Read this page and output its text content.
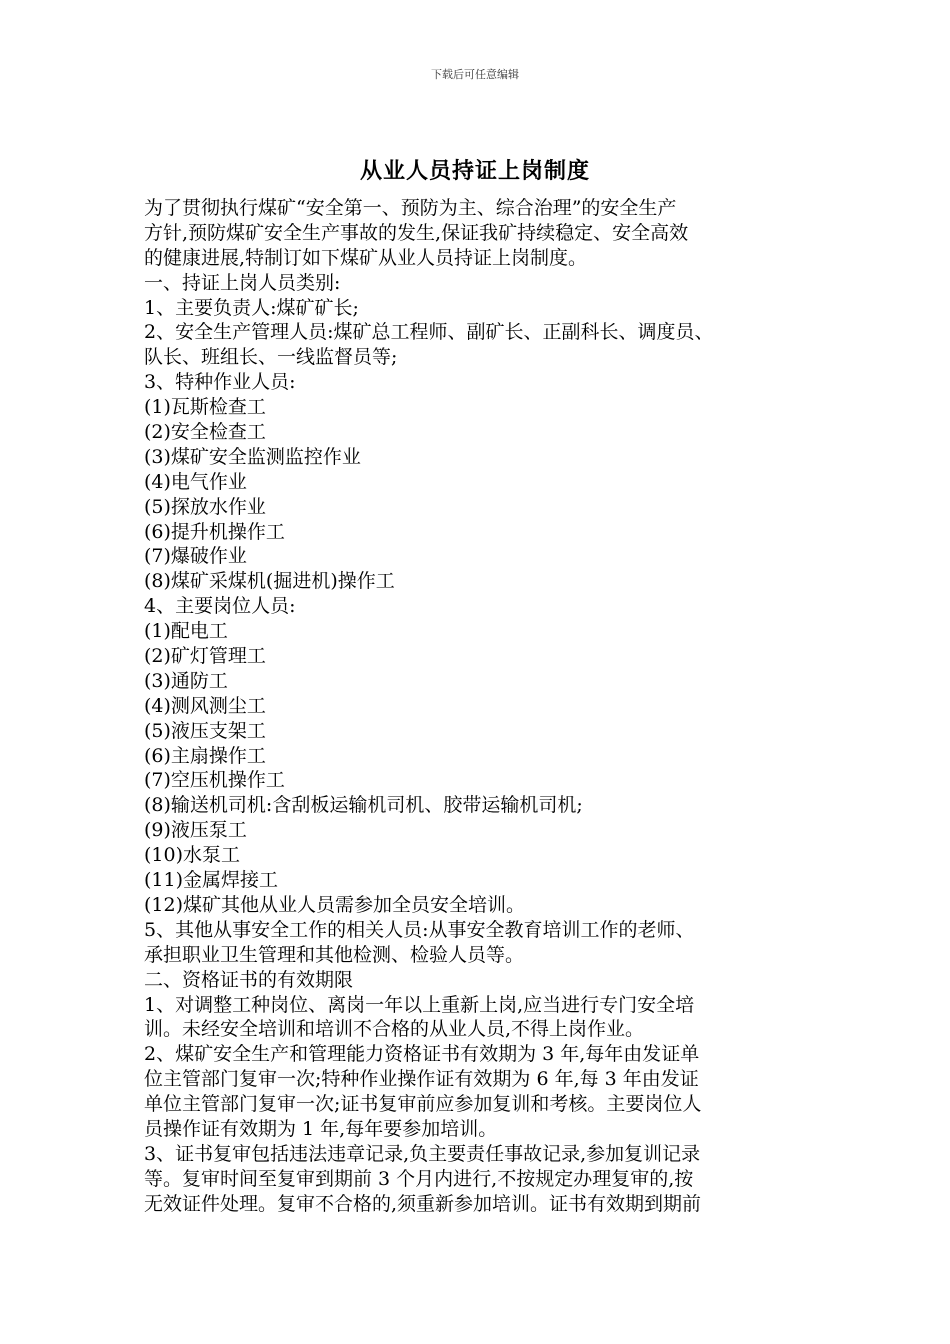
下载后可任意编辑
从业人员持证上岗制度
为了贯彻执行煤矿“安全第一、预防为主、综合治理”的安全生产
方针,预防煤矿安全生产事故的发生,保证我矿持续稳定、安全高效
的健康进展,特制订如下煤矿从业人员持证上岗制度。
一、持证上岗人员类别:
1、主要负责人:煤矿矿长;
2、安全生产管理人员:煤矿总工程师、副矿长、正副科长、调度员、
队长、班组长、一线监督员等;
3、特种作业人员:
(1)瓦斯检查工
(2)安全检查工
(3)煤矿安全监测监控作业
(4)电气作业
(5)探放水作业
(6)提升机操作工
(7)爆破作业
(8)煤矿采煤机(掘进机)操作工
4、主要岗位人员:
(1)配电工
(2)矿灯管理工
(3)通防工
(4)测风测尘工
(5)液压支架工
(6)主扇操作工
(7)空压机操作工
(8)输送机司机:含刮板运输机司机、胶带运输机司机;
(9)液压泵工
(10)水泵工
(11)金属焊接工
(12)煤矿其他从业人员需参加全员安全培训。
5、其他从事安全工作的相关人员:从事安全教育培训工作的老师、
承担职业卫生管理和其他检测、检验人员等。
二、资格证书的有效期限
1、对调整工种岗位、离岗一年以上重新上岗,应当进行专门安全培
训。未经安全培训和培训不合格的从业人员,不得上岗作业。
2、煤矿安全生产和管理能力资格证书有效期为 3 年,每年由发证单
位主管部门复审一次;特种作业操作证有效期为 6 年,每 3 年由发证
单位主管部门复审一次;证书复审前应参加复训和考核。主要岗位人
员操作证有效期为 1 年,每年要参加培训。
3、证书复审包括违法违章记录,负主要责任事故记录,参加复训记录
等。复审时间至复审到期前 3 个月内进行,不按规定办理复审的,按
无效证件处理。复审不合格的,须重新参加培训。证书有效期到期前
